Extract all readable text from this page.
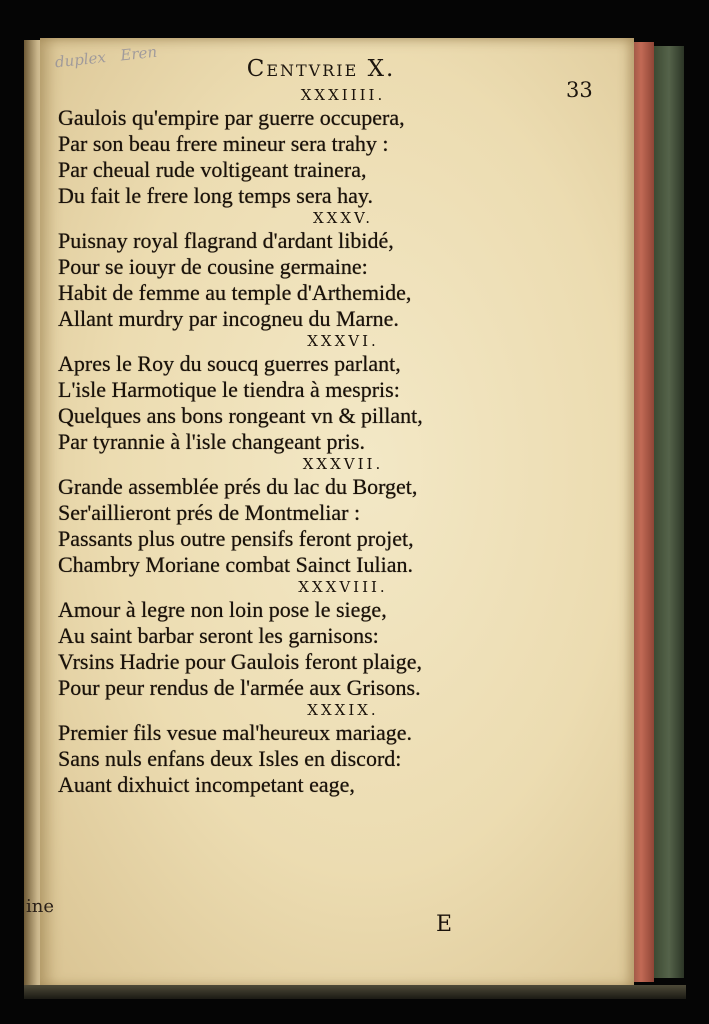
duplex Eren
ine
Centvrie X.
33
XXXIIII.
Gaulois qu'empire par guerre occupera,
Par son beau frere mineur sera trahy :
Par cheual rude voltigeant trainera,
Du fait le frere long temps sera hay.
XXXV.
Puisnay royal flagrand d'ardant libidé,
Pour se iouyr de cousine germaine:
Habit de femme au temple d'Arthemide,
Allant murdry par incogneu du Marne.
XXXVI.
Apres le Roy du soucq guerres parlant,
L'isle Harmotique le tiendra à mespris:
Quelques ans bons rongeant vn & pillant,
Par tyrannie à l'isle changeant pris.
XXXVII.
Grande assemblée prés du lac du Borget,
Ser'aillieront prés de Montmeliar :
Passants plus outre pensifs feront projet,
Chambry Moriane combat Sainct Iulian.
XXXVIII.
Amour à legre non loin pose le siege,
Au saint barbar seront les garnisons:
Vrsins Hadrie pour Gaulois feront plaige,
Pour peur rendus de l'armée aux Grisons.
XXXIX.
Premier fils vesue mal'heureux mariage.
Sans nuls enfans deux Isles en discord:
Auant dixhuict incompetant eage,
E
